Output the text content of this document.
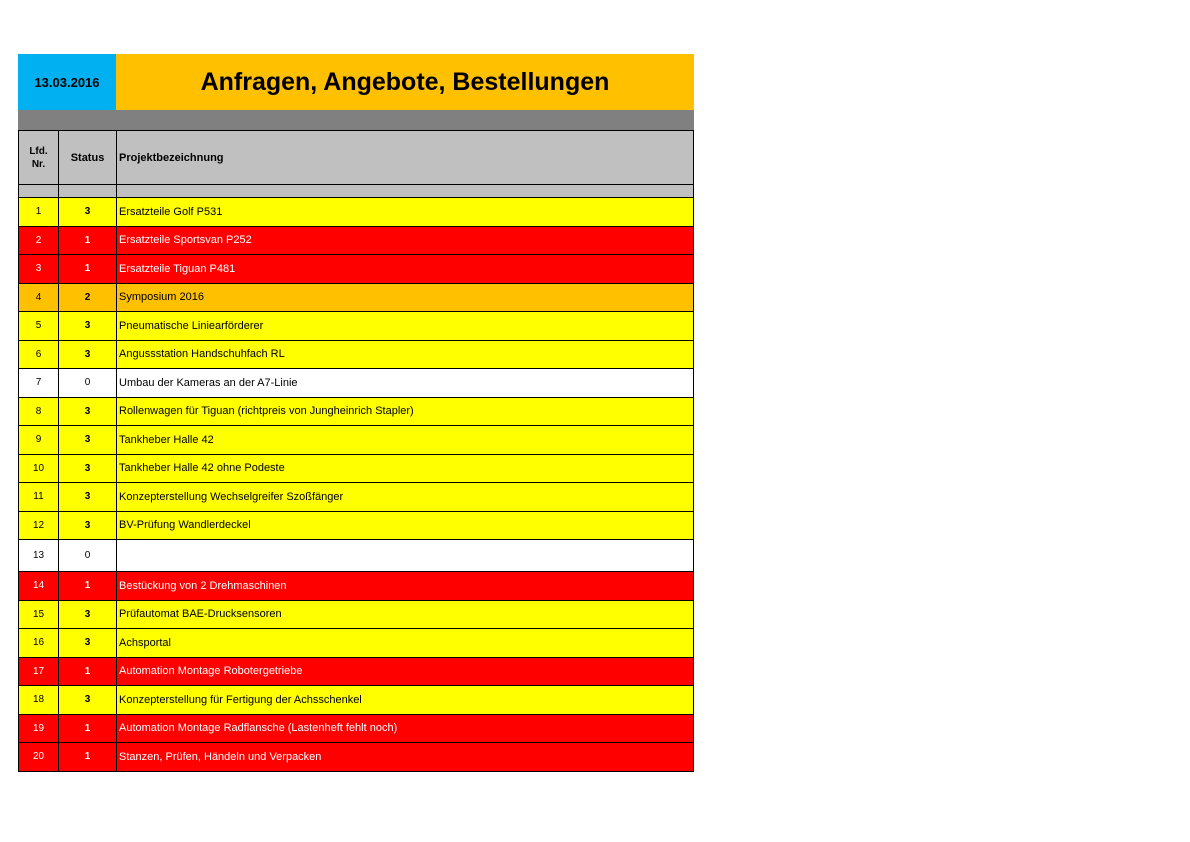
13.03.2016	Anfragen, Angebote, Bestellungen
Lfd.
Nr.
Status	Projektbezeichnung
1	3	Ersatzteile Golf P531
2	1	Ersatzteile Sportsvan P252
3	1	Ersatzteile Tiguan P481
4	2	Symposium 2016
5	3	Pneumatische Liniearförderer
6	3	Angussstation Handschuhfach RL
7	0	Umbau der Kameras an der A7-Linie
8	3	Rollenwagen für Tiguan (richtpreis von Jungheinrich Stapler)
9	3	Tankheber Halle 42
10	3	Tankheber Halle 42 ohne Podeste
11	3	Konzepterstellung Wechselgreifer Szoßfänger
12	3	BV-Prüfung Wandlerdeckel
13	0
14	1	Bestückung von 2 Drehmaschinen
15	3	Prüfautomat BAE-Drucksensoren
16	3	Achsportal
17	1	Automation Montage Robotergetriebe
18	3	Konzepterstellung für Fertigung der Achsschenkel
19	1	Automation Montage Radflansche (Lastenheft fehlt noch)
20	1	Stanzen, Prüfen, Händeln und Verpacken
